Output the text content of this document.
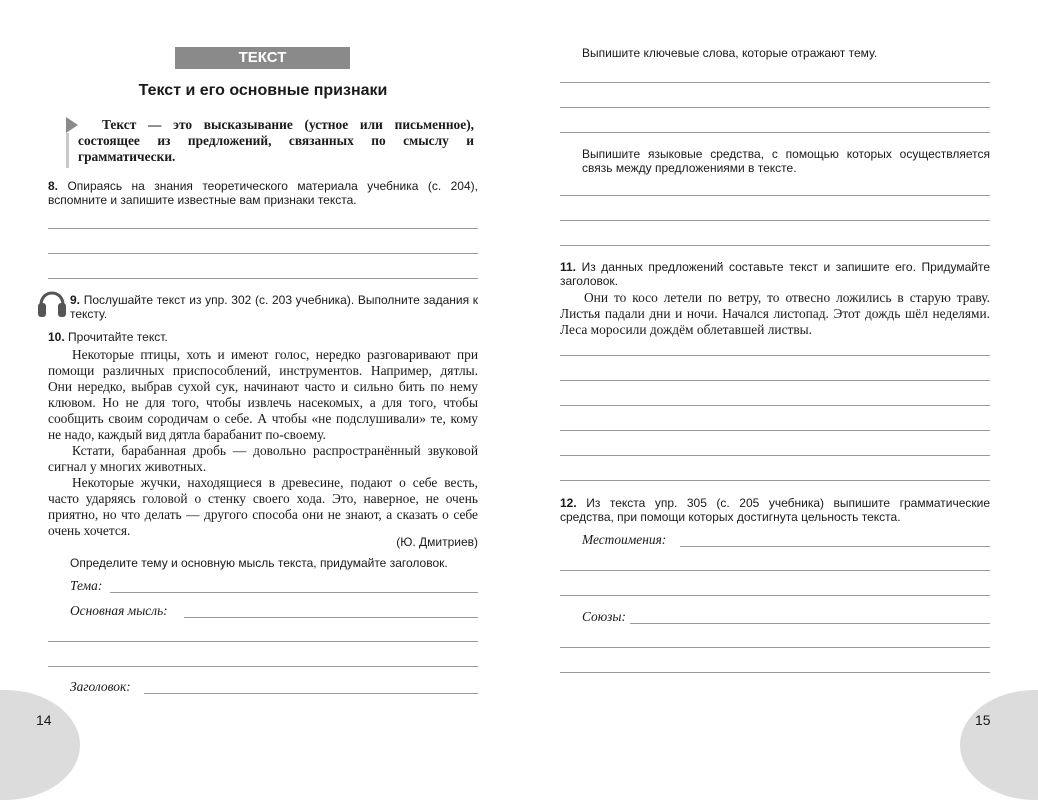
ТЕКСТ
Текст и его основные признаки
Текст — это высказывание (устное или письменное), состоящее из предложений, связанных по смыслу и грамматически.
8. Опираясь на знания теоретического материала учебника (с. 204), вспомните и запишите известные вам признаки текста.
9. Послушайте текст из упр. 302 (с. 203 учебника). Выполните задания к тексту.
10. Прочитайте текст.

Некоторые птицы, хоть и имеют голос, нередко разговаривают при помощи различных приспособлений, инструментов. Например, дятлы. Они нередко, выбрав сухой сук, начинают часто и сильно бить по нему клювом. Но не для того, чтобы извлечь насекомых, а для того, чтобы сообщить своим сородичам о себе. А чтобы «не подслушивали» те, кому не надо, каждый вид дятла барабанит по-своему.

Кстати, барабанная дробь — довольно распространённый звуковой сигнал у многих животных.

Некоторые жучки, находящиеся в древесине, подают о себе весть, часто ударяясь головой о стенку своего хода. Это, наверное, не очень приятно, но что делать — другого способа они не знают, а сказать о себе очень хочется.

(Ю. Дмитриев)
Определите тему и основную мысль текста, придумайте заголовок.
Тема:
Основная мысль:
Заголовок:
14
Выпишите ключевые слова, которые отражают тему.
Выпишите языковые средства, с помощью которых осуществляется связь между предложениями в тексте.
11. Из данных предложений составьте текст и запишите его. Придумайте заголовок.

Они то косо летели по ветру, то отвесно ложились в старую траву. Листья падали дни и ночи. Начался листопад. Этот дождь шёл неделями. Леса моросили дождём облетавшей листвы.

12. Из текста упр. 305 (с. 205 учебника) выпишите грамматические средства, при помощи которых достигнута цельность текста.
Местоимения:
Союзы:
15
